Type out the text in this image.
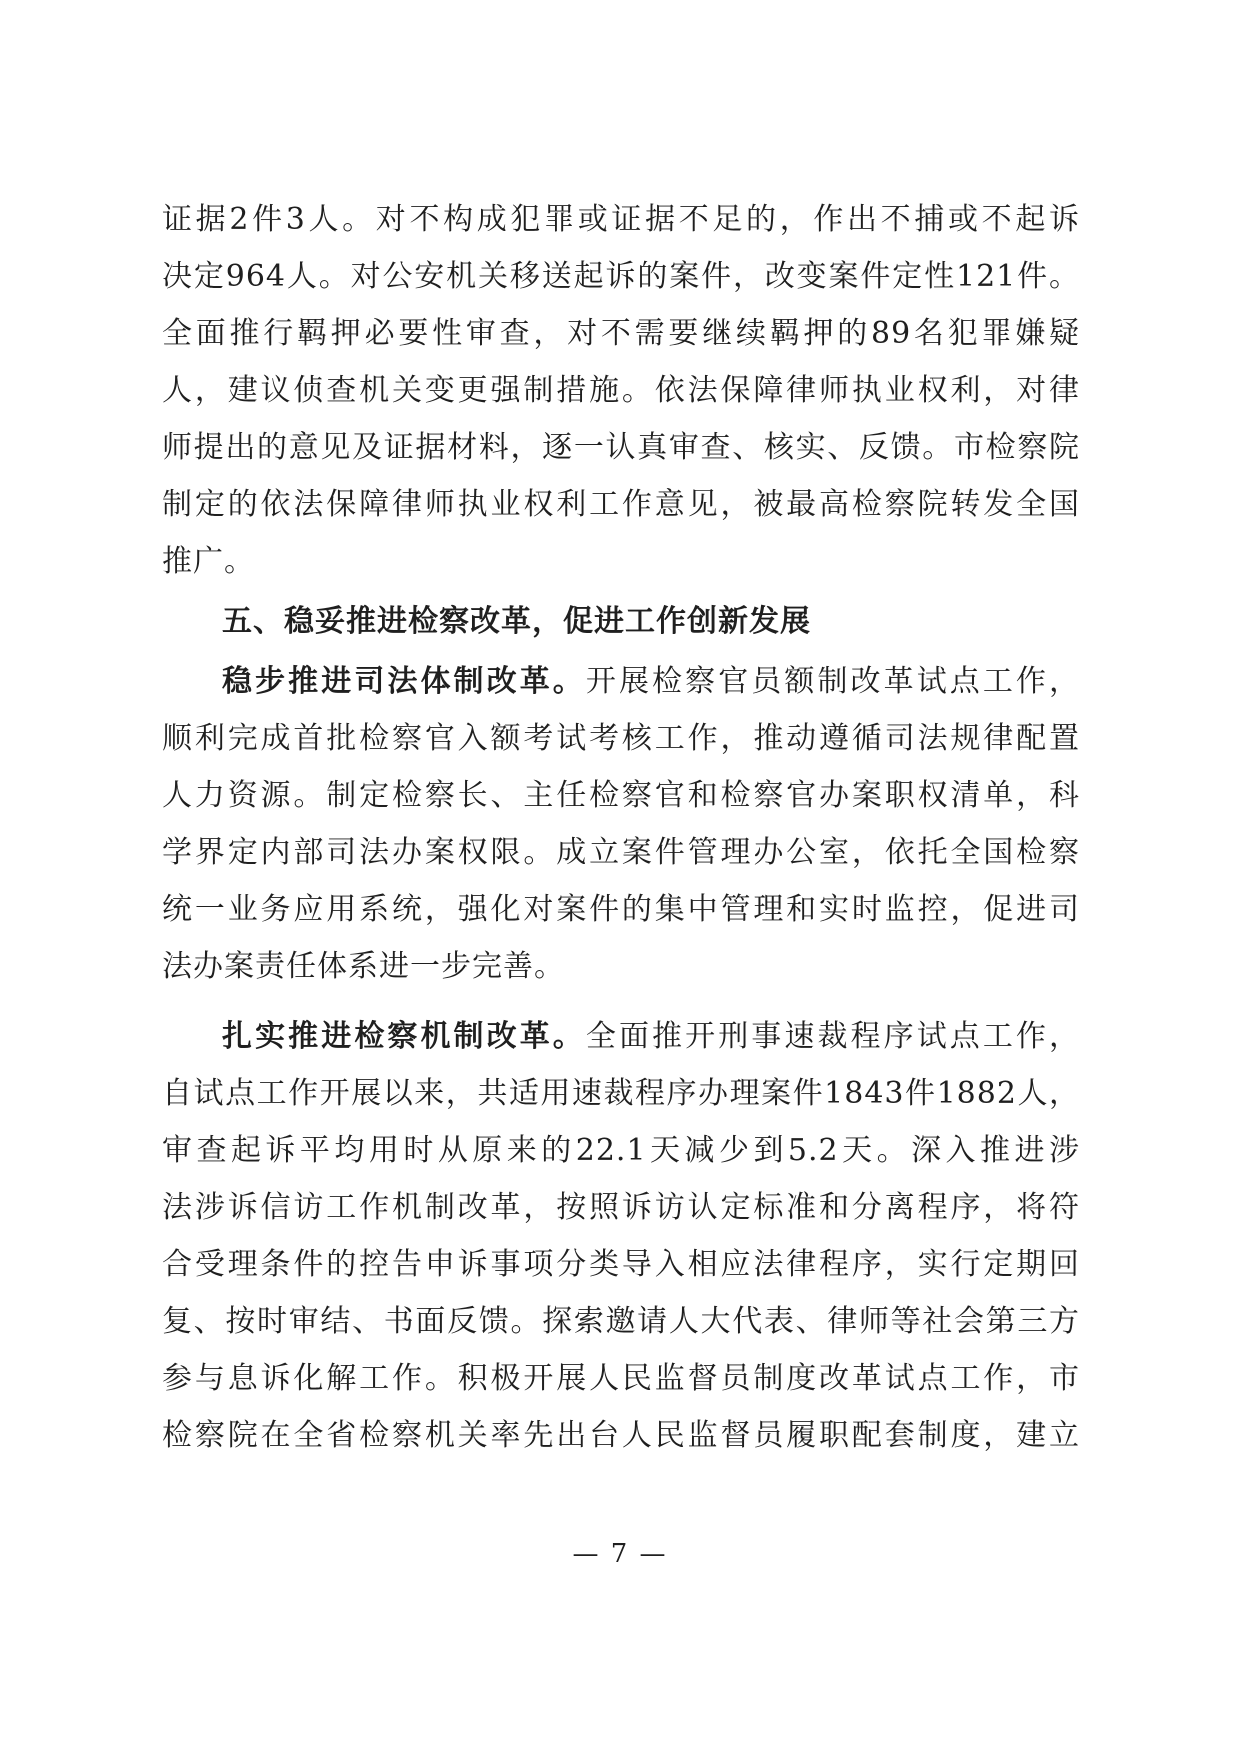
证据2件3人。对不构成犯罪或证据不足的，作出不捕或不起诉
决定964人。对公安机关移送起诉的案件，改变案件定性121件。
全面推行羁押必要性审查，对不需要继续羁押的89名犯罪嫌疑
人，建议侦查机关变更强制措施。依法保障律师执业权利，对律
师提出的意见及证据材料，逐一认真审查、核实、反馈。市检察院
制定的依法保障律师执业权利工作意见，被最高检察院转发全国
推广。
五、稳妥推进检察改革，促进工作创新发展
稳步推进司法体制改革。开展检察官员额制改革试点工作，
顺利完成首批检察官入额考试考核工作，推动遵循司法规律配置
人力资源。制定检察长、主任检察官和检察官办案职权清单，科
学界定内部司法办案权限。成立案件管理办公室，依托全国检察
统一业务应用系统，强化对案件的集中管理和实时监控，促进司
法办案责任体系进一步完善。
扎实推进检察机制改革。全面推开刑事速裁程序试点工作，
自试点工作开展以来，共适用速裁程序办理案件1843件1882人，
审查起诉平均用时从原来的22.1天减少到5.2天。深入推进涉
法涉诉信访工作机制改革，按照诉访认定标准和分离程序，将符
合受理条件的控告申诉事项分类导入相应法律程序，实行定期回
复、按时审结、书面反馈。探索邀请人大代表、律师等社会第三方
参与息诉化解工作。积极开展人民监督员制度改革试点工作，市
检察院在全省检察机关率先出台人民监督员履职配套制度，建立
— 7 —
